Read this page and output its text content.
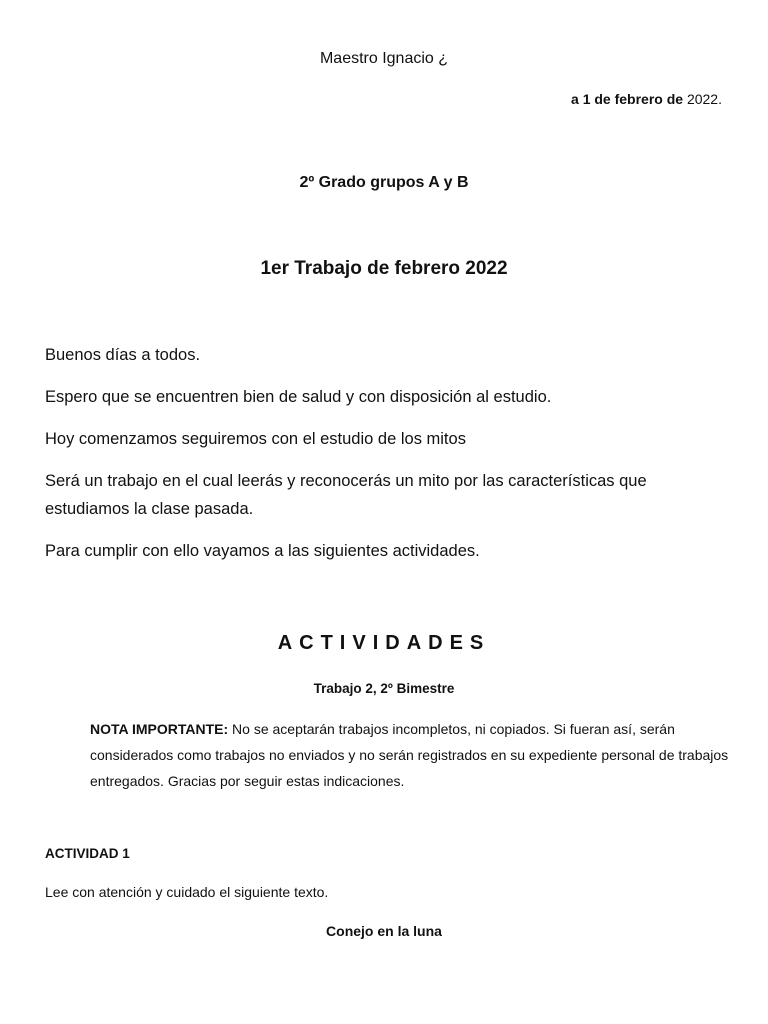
Maestro Ignacio ¿
a 1 de febrero de 2022.
2º Grado grupos A y B
1er Trabajo de febrero 2022
Buenos días a todos.
Espero que se encuentren bien de salud y con disposición al estudio.
Hoy comenzamos seguiremos con el estudio de los mitos
Será un trabajo en el cual leerás y reconocerás un mito por las características que estudiamos la clase pasada.
Para cumplir con ello vayamos a las siguientes actividades.
ACTIVIDADES
Trabajo 2, 2º Bimestre
NOTA IMPORTANTE: No se aceptarán trabajos incompletos, ni copiados. Si fueran así, serán considerados como trabajos no enviados y no serán registrados en su expediente personal de trabajos entregados. Gracias por seguir estas indicaciones.
ACTIVIDAD 1
Lee con atención y cuidado el siguiente texto.
Conejo en la luna
